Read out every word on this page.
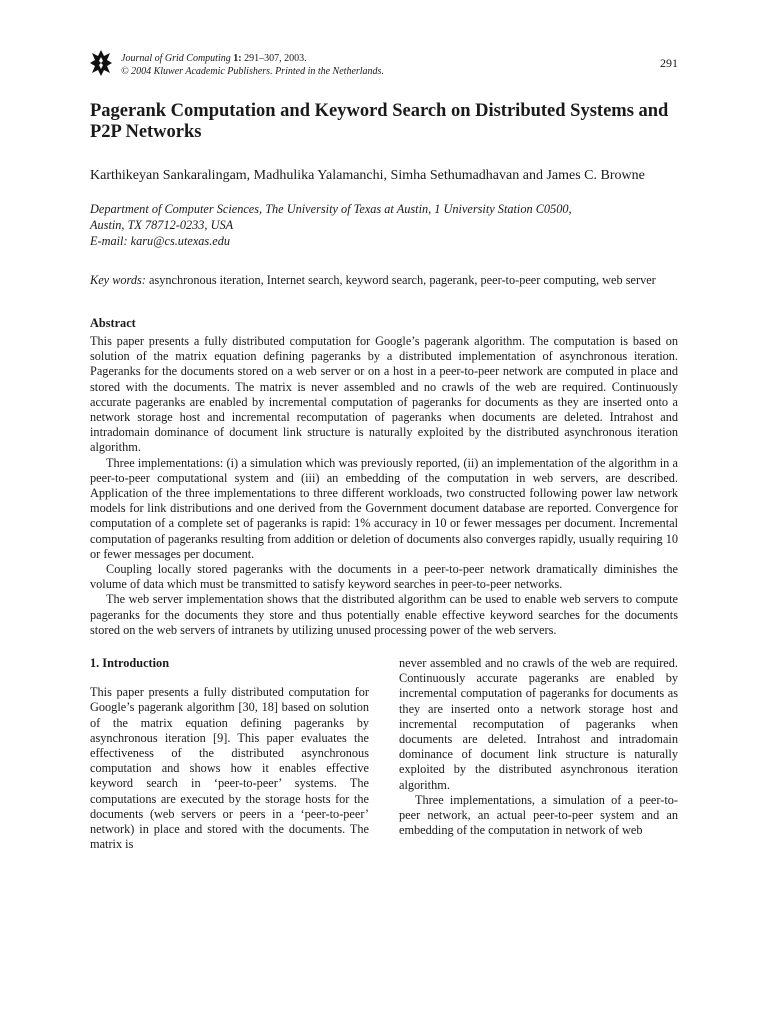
Journal of Grid Computing 1: 291–307, 2003.
© 2004 Kluwer Academic Publishers. Printed in the Netherlands.
291
Pagerank Computation and Keyword Search on Distributed Systems and P2P Networks
Karthikeyan Sankaralingam, Madhulika Yalamanchi, Simha Sethumadhavan and James C. Browne
Department of Computer Sciences, The University of Texas at Austin, 1 University Station C0500,
Austin, TX 78712-0233, USA
E-mail: karu@cs.utexas.edu
Key words: asynchronous iteration, Internet search, keyword search, pagerank, peer-to-peer computing, web server
Abstract

This paper presents a fully distributed computation for Google’s pagerank algorithm. The computation is based on solution of the matrix equation defining pageranks by a distributed implementation of asynchronous iteration. Pageranks for the documents stored on a web server or on a host in a peer-to-peer network are computed in place and stored with the documents. The matrix is never assembled and no crawls of the web are required. Continuously accurate pageranks are enabled by incremental computation of pageranks for documents as they are inserted onto a network storage host and incremental recomputation of pageranks when documents are deleted. Intrahost and intradomain dominance of document link structure is naturally exploited by the distributed asynchronous iteration algorithm.

Three implementations: (i) a simulation which was previously reported, (ii) an implementation of the algorithm in a peer-to-peer computational system and (iii) an embedding of the computation in web servers, are described. Application of the three implementations to three different workloads, two constructed following power law network models for link distributions and one derived from the Government document database are reported. Convergence for computation of a complete set of pageranks is rapid: 1% accuracy in 10 or fewer messages per document. Incremental computation of pageranks resulting from addition or deletion of documents also converges rapidly, usually requiring 10 or fewer messages per document.

Coupling locally stored pageranks with the documents in a peer-to-peer network dramatically diminishes the volume of data which must be transmitted to satisfy keyword searches in peer-to-peer networks.

The web server implementation shows that the distributed algorithm can be used to enable web servers to compute pageranks for the documents they store and thus potentially enable effective keyword searches for the documents stored on the web servers of intranets by utilizing unused processing power of the web servers.

1. Introduction

This paper presents a fully distributed computation for Google’s pagerank algorithm [30, 18] based on solution of the matrix equation defining pageranks by asynchronous iteration [9]. This paper evaluates the effectiveness of the distributed asynchronous computation and shows how it enables effective keyword search in ‘peer-to-peer’ systems. The computations are executed by the storage hosts for the documents (web servers or peers in a ‘peer-to-peer’ network) in place and stored with the documents. The matrix is

never assembled and no crawls of the web are required. Continuously accurate pageranks are enabled by incremental computation of pageranks for documents as they are inserted onto a network storage host and incremental recomputation of pageranks when documents are deleted. Intrahost and intradomain dominance of document link structure is naturally exploited by the distributed asynchronous iteration algorithm.

Three implementations, a simulation of a peer-to-peer network, an actual peer-to-peer system and an embedding of the computation in network of web
